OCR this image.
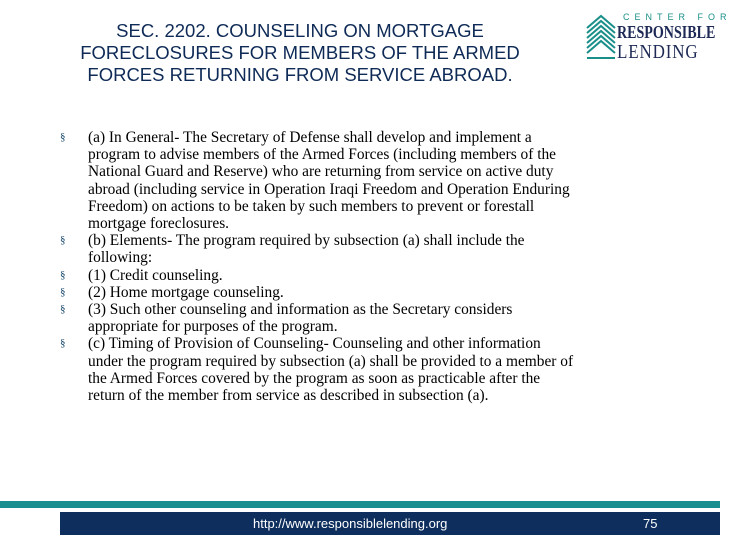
SEC. 2202. COUNSELING ON MORTGAGE
FORECLOSURES FOR MEMBERS OF THE ARMED
FORCES RETURNING FROM SERVICE ABROAD.
CENTER FOR
RESPONSIBLE
LENDING
§ (a) In General- The Secretary of Defense shall develop and implement a
program to advise members of the Armed Forces (including members of the
National Guard and Reserve) who are returning from service on active duty
abroad (including service in Operation Iraqi Freedom and Operation Enduring
Freedom) on actions to be taken by such members to prevent or forestall
mortgage foreclosures.
§ (b) Elements- The program required by subsection (a) shall include the
following:
§ (1) Credit counseling.
§ (2) Home mortgage counseling.
§ (3) Such other counseling and information as the Secretary considers
appropriate for purposes of the program.
§ (c) Timing of Provision of Counseling- Counseling and other information
under the program required by subsection (a) shall be provided to a member of
the Armed Forces covered by the program as soon as practicable after the
return of the member from service as described in subsection (a).
http://www.responsiblelending.org	75
